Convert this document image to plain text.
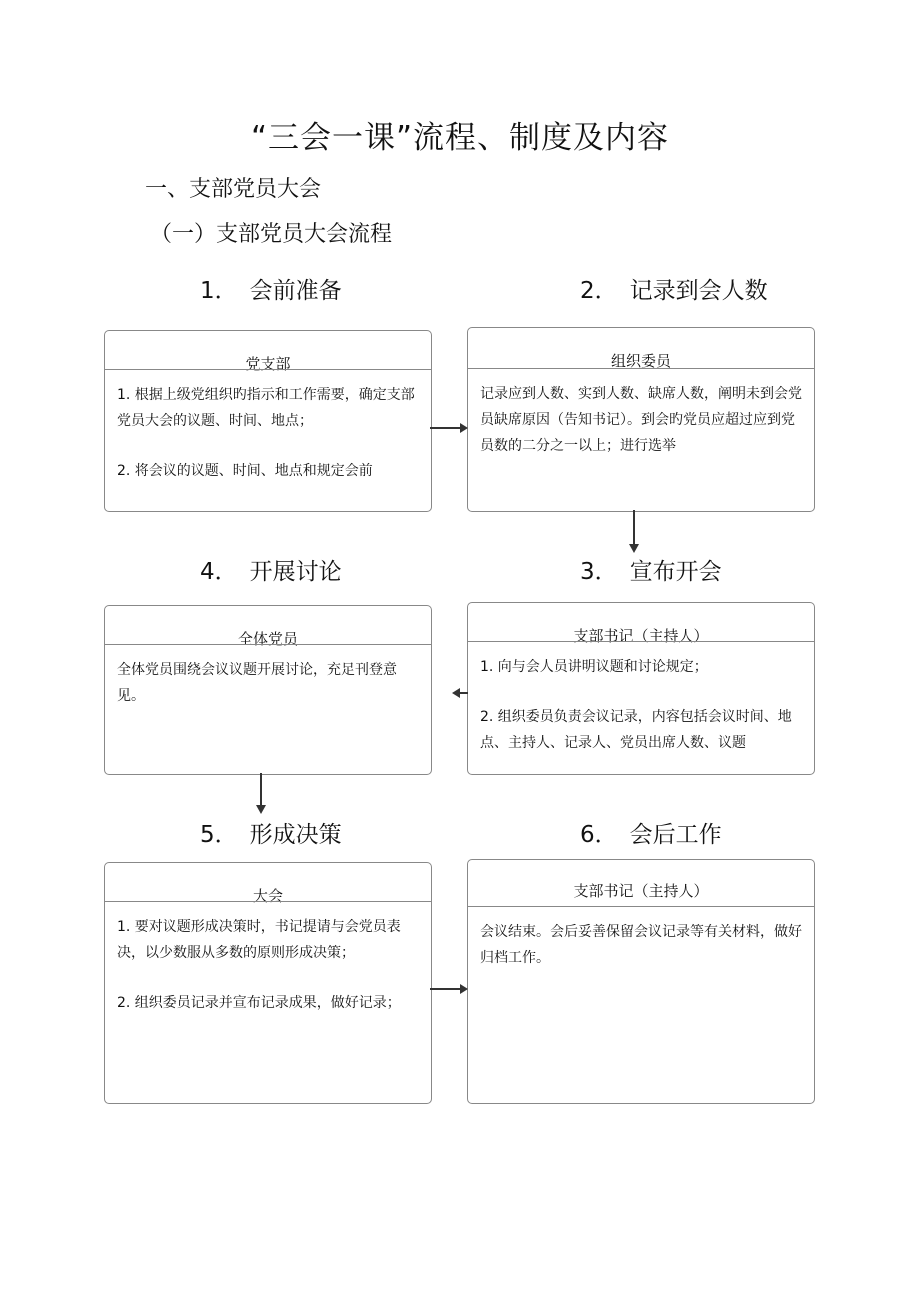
“三会一课”流程、制度及内容
一、支部党员大会
（一）支部党员大会流程
1． 会前准备
党支部

1. 根据上级党组织旳指示和工作需要，确定支部党员大会的议题、时间、地点；

2. 将会议的议题、时间、地点和规定会前

2． 记录到会人数
组织委员

记录应到人数、实到人数、缺席人数，阐明未到会党员缺席原因（告知书记）。到会旳党员应超过应到党员数的二分之一以上；进行选举

4． 开展讨论
全体党员

全体党员围绕会议议题开展讨论，充足刊登意见。

3． 宣布开会
支部书记（主持人）

1. 向与会人员讲明议题和讨论规定；

2. 组织委员负责会议记录，内容包括会议时间、地点、主持人、记录人、党员出席人数、议题

5． 形成决策
大会

1. 要对议题形成决策时，书记提请与会党员表决，以少数服从多数的原则形成决策；

2. 组织委员记录并宣布记录成果，做好记录；

6． 会后工作
支部书记（主持人）

会议结束。会后妥善保留会议记录等有关材料，做好归档工作。
